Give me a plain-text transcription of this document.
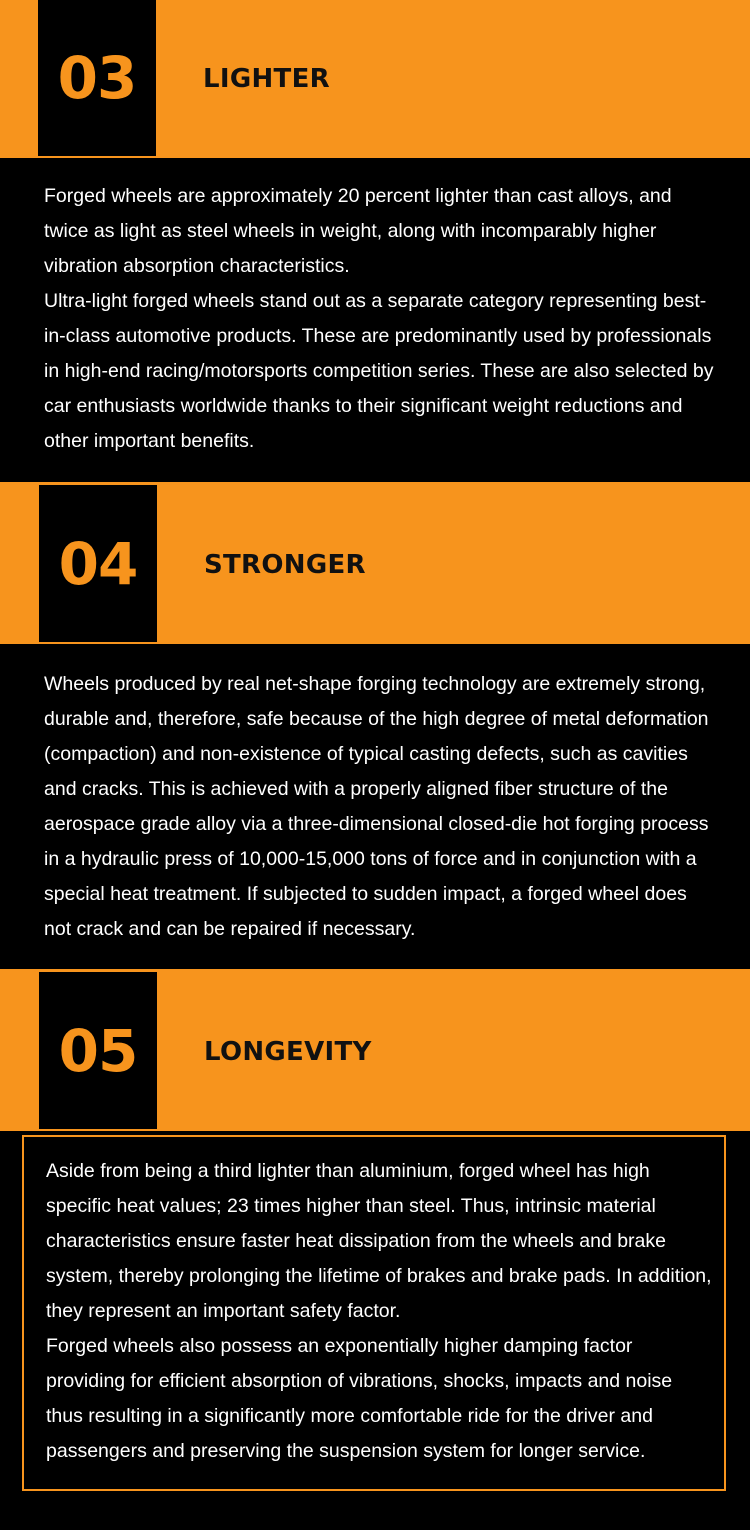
03	LIGHTER

Forged wheels are approximately 20 percent lighter than cast alloys, and twice as light as steel wheels in weight, along with incomparably higher vibration absorption characteristics.

Ultra-light forged wheels stand out as a separate category representing best-in-class automotive products. These are predominantly used by professionals in high-end racing/motorsports competition series. These are also selected by car enthusiasts worldwide thanks to their significant weight reductions and other important benefits.

04	STRONGER

Wheels produced by real net-shape forging technology are extremely strong, durable and, therefore, safe because of the high degree of metal deformation (compaction) and non-existence of typical casting defects, such as cavities and cracks. This is achieved with a properly aligned fiber structure of the aerospace grade alloy via a three-dimensional closed-die hot forging process in a hydraulic press of 10,000-15,000 tons of force and in conjunction with a special heat treatment. If subjected to sudden impact, a forged wheel does not crack and can be repaired if necessary.

05	LONGEVITY

Aside from being a third lighter than aluminium, forged wheel has high specific heat values; 23 times higher than steel. Thus, intrinsic material characteristics ensure faster heat dissipation from the wheels and brake system, thereby prolonging the lifetime of brakes and brake pads. In addition, they represent an important safety factor.

Forged wheels also possess an exponentially higher damping factor providing for efficient absorption of vibrations, shocks, impacts and noise thus resulting in a significantly more comfortable ride for the driver and passengers and preserving the suspension system for longer service.
